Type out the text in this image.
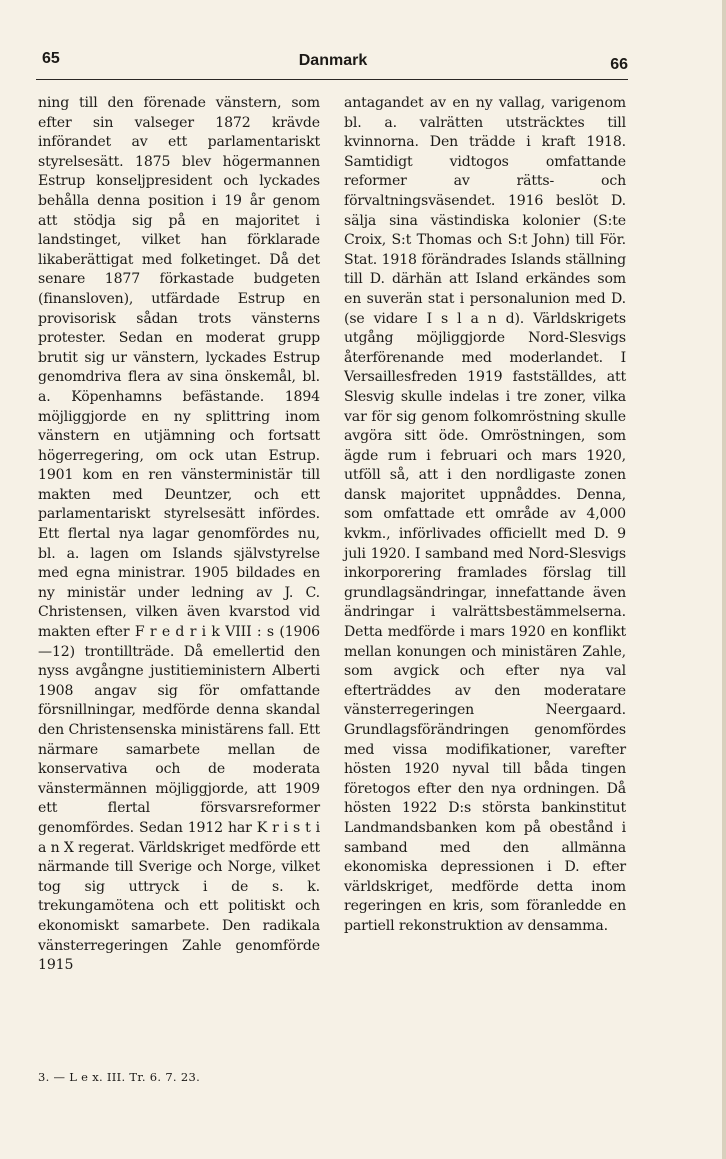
65	Danmark	66

ning till den förenade vänstern, som efter sin valseger 1872 krävde införandet av ett parlamentariskt styrelsesätt. 1875 blev högermannen Estrup konseljpresident och lyckades behålla denna position i 19 år genom att stödja sig på en majoritet i landstinget, vilket han förklarade likaberättigat med folketinget. Då det senare 1877 förkastade budgeten (finansloven), utfärdade Estrup en provisorisk sådan trots vänsterns protester. Sedan en moderat grupp brutit sig ur vänstern, lyckades Estrup genomdriva flera av sina önskemål, bl. a. Köpenhamns befästande. 1894 möjliggjorde en ny splittring inom vänstern en utjämning och fortsatt högerregering, om ock utan Estrup. 1901 kom en ren vänsterministär till makten med Deuntzer, och ett parlamentariskt styrelsesätt infördes. Ett flertal nya lagar genomfördes nu, bl. a. lagen om Islands självstyrelse med egna ministrar. 1905 bildades en ny ministär under ledning av J. C. Christensen, vilken även kvarstod vid makten efter F r e d r i k VIII : s (1906—12) trontillträde. Då emellertid den nyss avgångne justitieministern Alberti 1908 angav sig för omfattande försnillningar, medförde denna skandal den Christensenska ministärens fall. Ett närmare samarbete mellan de konservativa och de moderata vänstermännen möjliggjorde, att 1909 ett flertal försvarsreformer genomfördes. Sedan 1912 har K r i s t i a n X regerat. Världskriget medförde ett närmande till Sverige och Norge, vilket tog sig uttryck i de s. k. trekungamötena och ett politiskt och ekonomiskt samarbete. Den radikala vänsterregeringen Zahle genomförde 1915

antagandet av en ny vallag, varigenom bl. a. valrätten utsträcktes till kvinnorna. Den trädde i kraft 1918. Samtidigt vidtogos omfattande reformer av rätts- och förvaltningsväsendet. 1916 beslöt D. sälja sina västindiska kolonier (S:te Croix, S:t Thomas och S:t John) till För. Stat. 1918 förändrades Islands ställning till D. därhän att Island erkändes som en suverän stat i personalunion med D. (se vidare I s l a n d). Världskrigets utgång möjliggjorde Nord-Slesvigs återförenande med moderlandet. I Versaillesfreden 1919 fastställdes, att Slesvig skulle indelas i tre zoner, vilka var för sig genom folkomröstning skulle avgöra sitt öde. Omröstningen, som ägde rum i februari och mars 1920, utföll så, att i den nordligaste zonen dansk majoritet uppnåddes. Denna, som omfattade ett område av 4,000 kvkm., införlivades officiellt med D. 9 juli 1920. I samband med Nord-Slesvigs inkorporering framlades förslag till grundlagsändringar, innefattande även ändringar i valrättsbestämmelserna. Detta medförde i mars 1920 en konflikt mellan konungen och ministären Zahle, som avgick och efter nya val efterträddes av den moderatare vänsterregeringen Neergaard. Grundlagsförändringen genomfördes med vissa modifikationer, varefter hösten 1920 nyval till båda tingen företogos efter den nya ordningen. Då hösten 1922 D:s största bankinstitut Landmandsbanken kom på obestånd i samband med den allmänna ekonomiska depressionen i D. efter världskriget, medförde detta inom regeringen en kris, som föranledde en partiell rekonstruktion av densamma.

3. — L e x. III. Tr. 6. 7. 23.
